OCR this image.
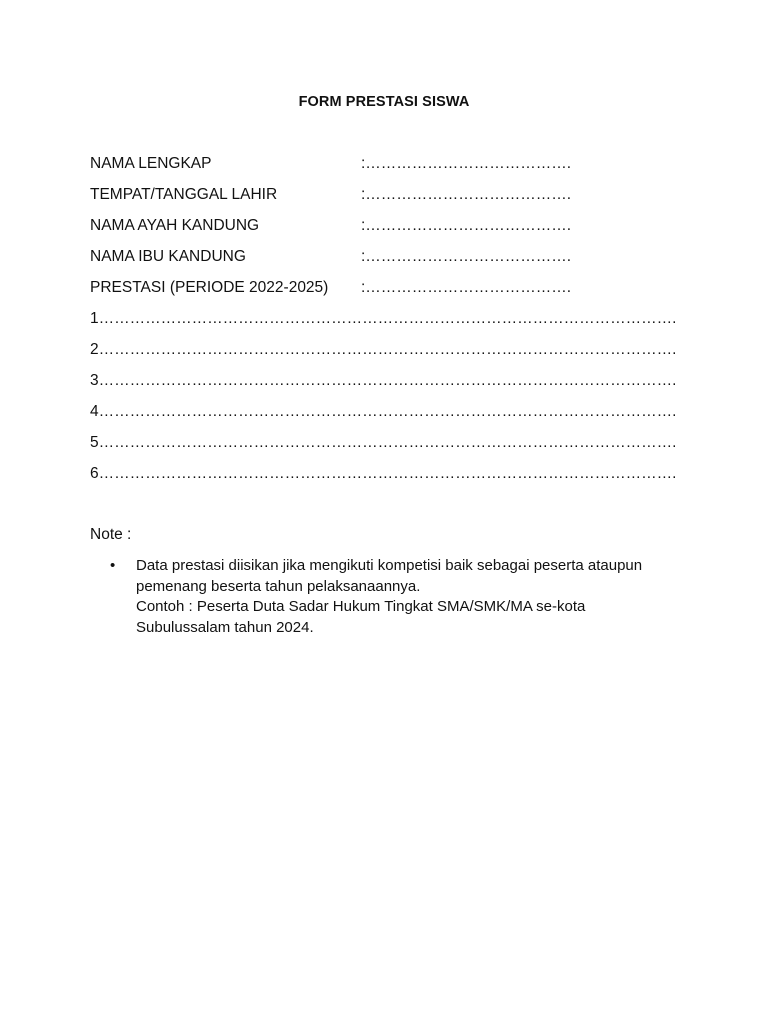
FORM PRESTASI SISWA
NAMA LENGKAP	:………………………………….
TEMPAT/TANGGAL LAHIR	:………………………………….
NAMA AYAH KANDUNG	:………………………………….
NAMA IBU KANDUNG	:………………………………….
PRESTASI (PERIODE 2022-2025) :………………………………….
1………………………………………………………………………………………………….
2………………………………………………………………………………………………….
3………………………………………………………………………………………………….
4………………………………………………………………………………………………….
5………………………………………………………………………………………………….
6………………………………………………………………………………………………….
Note :
• Data prestasi diisikan jika mengikuti kompetisi baik sebagai peserta ataupun
pemenang beserta tahun pelaksanaannya.
Contoh : Peserta Duta Sadar Hukum Tingkat SMA/SMK/MA se-kota
Subulussalam tahun 2024.
